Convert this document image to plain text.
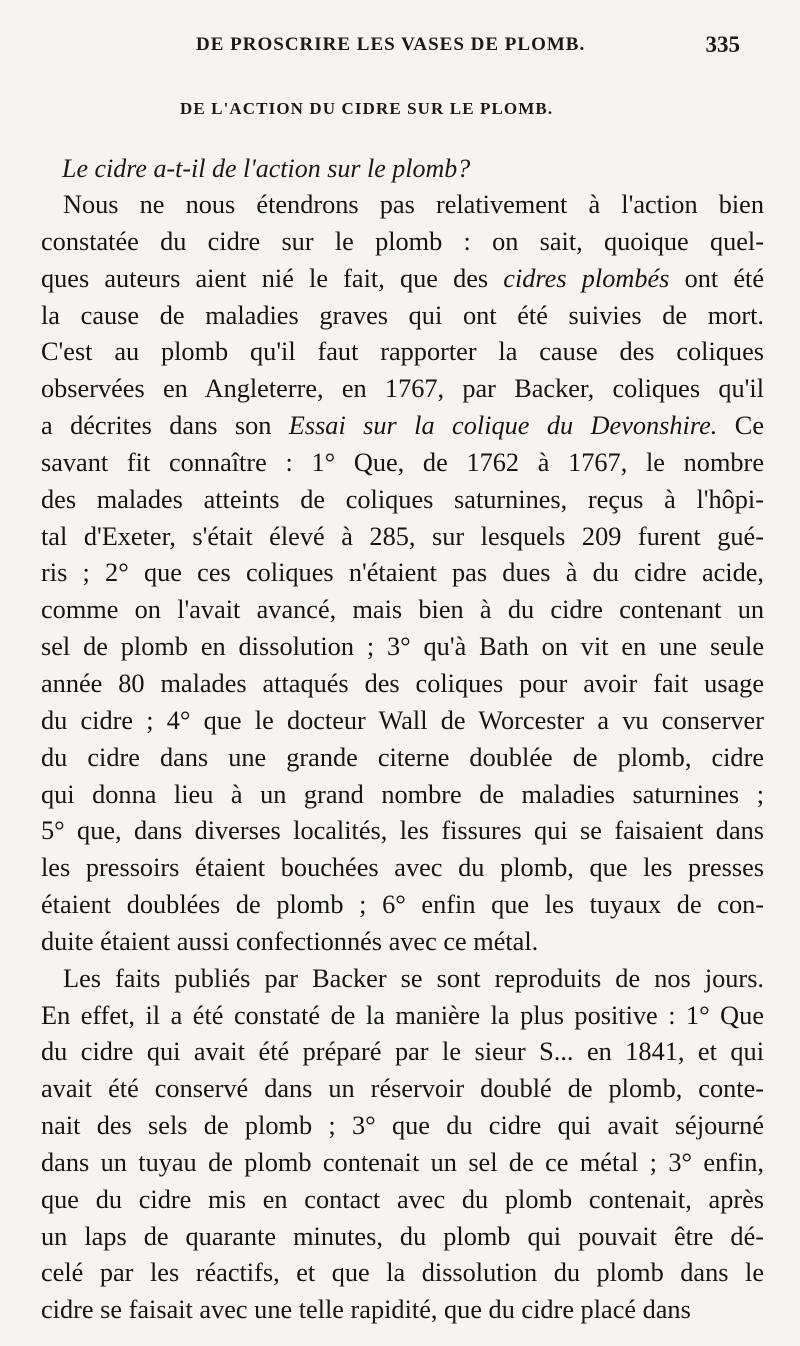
DE PROSCRIRE LES VASES DE PLOMB.	335
DE L'ACTION DU CIDRE SUR LE PLOMB.
Le cidre a-t-il de l'action sur le plomb?
Nous ne nous étendrons pas relativement à l'action bien
constatée du cidre sur le plomb : on sait, quoique quel-
ques auteurs aient nié le fait, que des cidres plombés ont été
la cause de maladies graves qui ont été suivies de mort.
C'est au plomb qu'il faut rapporter la cause des coliques
observées en Angleterre, en 1767, par Backer, coliques qu'il
a décrites dans son Essai sur la colique du Devonshire. Ce
savant fit connaître : 1° Que, de 1762 à 1767, le nombre
des malades atteints de coliques saturnines, reçus à l'hôpi-
tal d'Exeter, s'était élevé à 285, sur lesquels 209 furent gué-
ris ; 2° que ces coliques n'étaient pas dues à du cidre acide,
comme on l'avait avancé, mais bien à du cidre contenant un
sel de plomb en dissolution ; 3° qu'à Bath on vit en une seule
année 80 malades attaqués des coliques pour avoir fait usage
du cidre ; 4° que le docteur Wall de Worcester a vu conserver
du cidre dans une grande citerne doublée de plomb, cidre
qui donna lieu à un grand nombre de maladies saturnines ;
5° que, dans diverses localités, les fissures qui se faisaient dans
les pressoirs étaient bouchées avec du plomb, que les presses
étaient doublées de plomb ; 6° enfin que les tuyaux de con-
duite étaient aussi confectionnés avec ce métal.
Les faits publiés par Backer se sont reproduits de nos jours.
En effet, il a été constaté de la manière la plus positive : 1° Que
du cidre qui avait été préparé par le sieur S... en 1841, et qui
avait été conservé dans un réservoir doublé de plomb, conte-
nait des sels de plomb ; 3° que du cidre qui avait séjourné
dans un tuyau de plomb contenait un sel de ce métal ; 3° enfin,
que du cidre mis en contact avec du plomb contenait, après
un laps de quarante minutes, du plomb qui pouvait être dé-
celé par les réactifs, et que la dissolution du plomb dans le
cidre se faisait avec une telle rapidité, que du cidre placé dans
